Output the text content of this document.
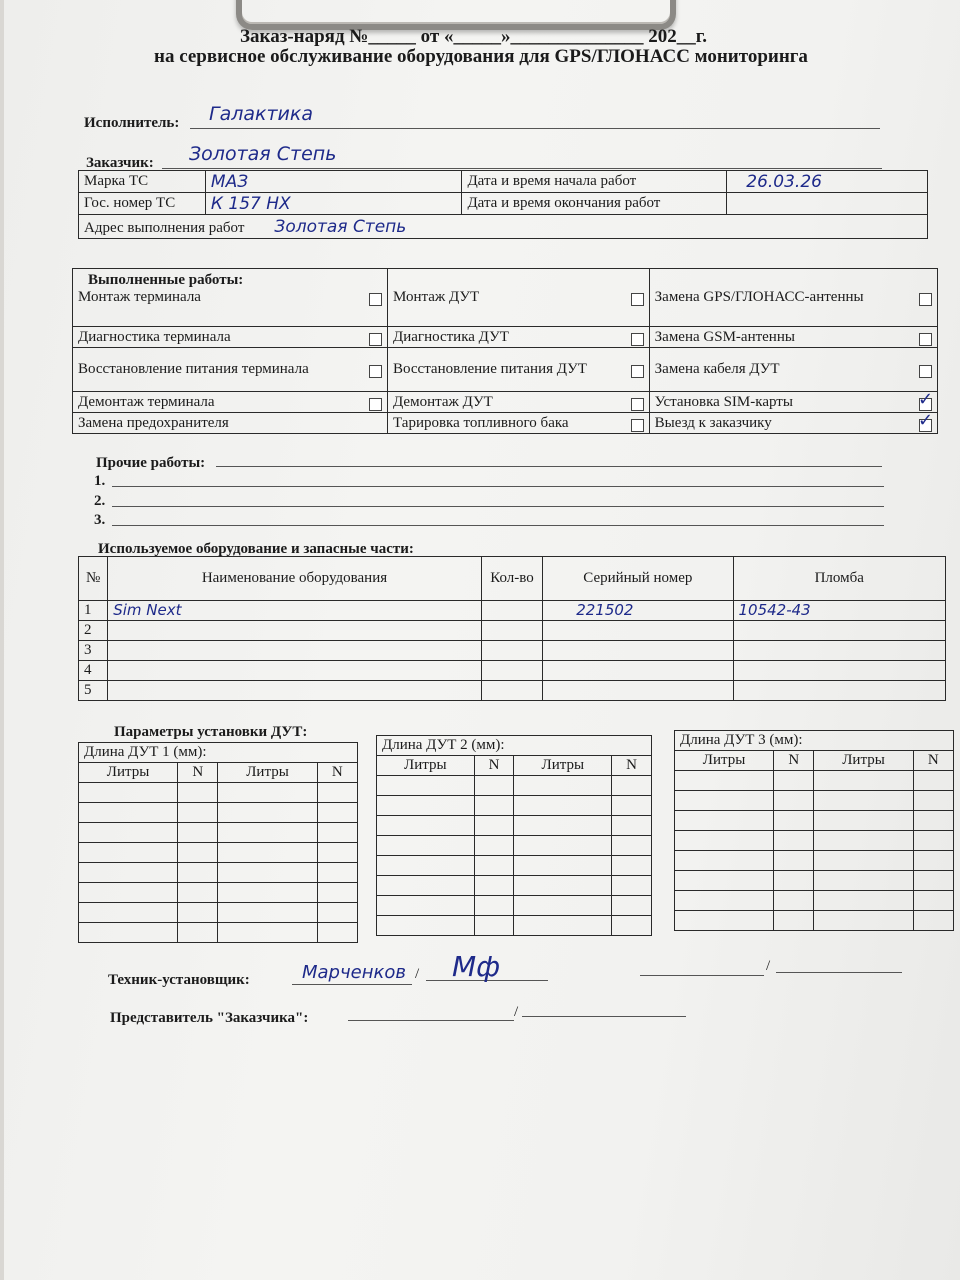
Заказ-наряд №_____ от «_____»______________ 202__г.
на сервисное обслуживание оборудования для GPS/ГЛОНАСС мониторинга
Исполнитель: Галактика
Заказчик: Золотая Степь
Марка ТС	МАЗ	Дата и время начала работ	26.03.26
Гос. номер ТС	К 157 НХ	Дата и время окончания работ	
Адрес выполнения работ Золотая Степь			
Выполненные работы:
Монтаж терминала	Монтаж ДУТ	Замена GPS/ГЛОНАСС-антенны
Диагностика терминала	Диагностика ДУТ	Замена GSM-антенны

Восстановление питания терминала	Восстановление питания ДУТ	Замена кабеля ДУТ

Демонтаж терминала	Демонтаж ДУТ	Установка SIM-карты
✓

Замена предохранителя	Тарировка топливного бака	Выезд к заказчику
✓
Прочие работы:
1.
2.
3.
Используемое оборудование и запасные части:
№	Наименование оборудования	Кол-во	Серийный номер	Пломба
1	Sim Next		221502	10542-43
2				
3				
4				
5				
Параметры установки ДУТ:
Длина ДУТ 1 (мм):			
Литры	N	Литры	N

Длина ДУТ 2 (мм):			
Литры	N	Литры	N

Длина ДУТ 3 (мм):			
Литры	N	Литры	N

Техник-установщик:	/
Марченков Мф	/
Представитель "Заказчика":	/
